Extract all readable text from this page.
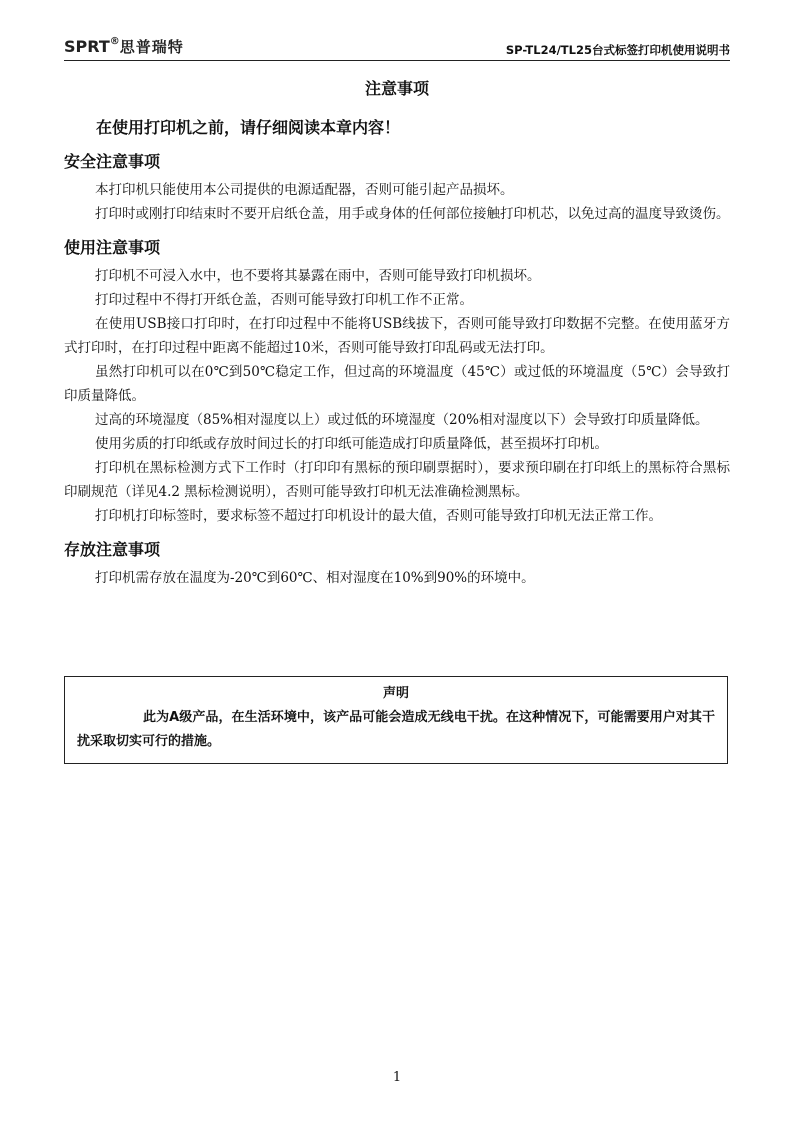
SPRT®思普瑞特	SP-TL24/TL25台式标签打印机使用说明书
注意事项
在使用打印机之前，请仔细阅读本章内容！
安全注意事项

本打印机只能使用本公司提供的电源适配器，否则可能引起产品损坏。

打印时或刚打印结束时不要开启纸仓盖，用手或身体的任何部位接触打印机芯，以免过高的温度导致烫伤。

使用注意事项

打印机不可浸入水中，也不要将其暴露在雨中，否则可能导致打印机损坏。

打印过程中不得打开纸仓盖，否则可能导致打印机工作不正常。

在使用USB接口打印时，在打印过程中不能将USB线拔下，否则可能导致打印数据不完整。在使用蓝牙方式打印时，在打印过程中距离不能超过10米，否则可能导致打印乱码或无法打印。

虽然打印机可以在0℃到50℃稳定工作，但过高的环境温度（45℃）或过低的环境温度（5℃）会导致打印质量降低。

过高的环境湿度（85%相对湿度以上）或过低的环境湿度（20%相对湿度以下）会导致打印质量降低。

使用劣质的打印纸或存放时间过长的打印纸可能造成打印质量降低，甚至损坏打印机。

打印机在黑标检测方式下工作时（打印印有黑标的预印刷票据时），要求预印刷在打印纸上的黑标符合黑标印刷规范（详见4.2 黑标检测说明），否则可能导致打印机无法准确检测黑标。

打印机打印标签时，要求标签不超过打印机设计的最大值，否则可能导致打印机无法正常工作。

存放注意事项

打印机需存放在温度为-20℃到60℃、相对湿度在10%到90%的环境中。

声明
此为A级产品，在生活环境中，该产品可能会造成无线电干扰。在这种情况下，可能需要用户对其干扰采取切实可行的措施。
1
